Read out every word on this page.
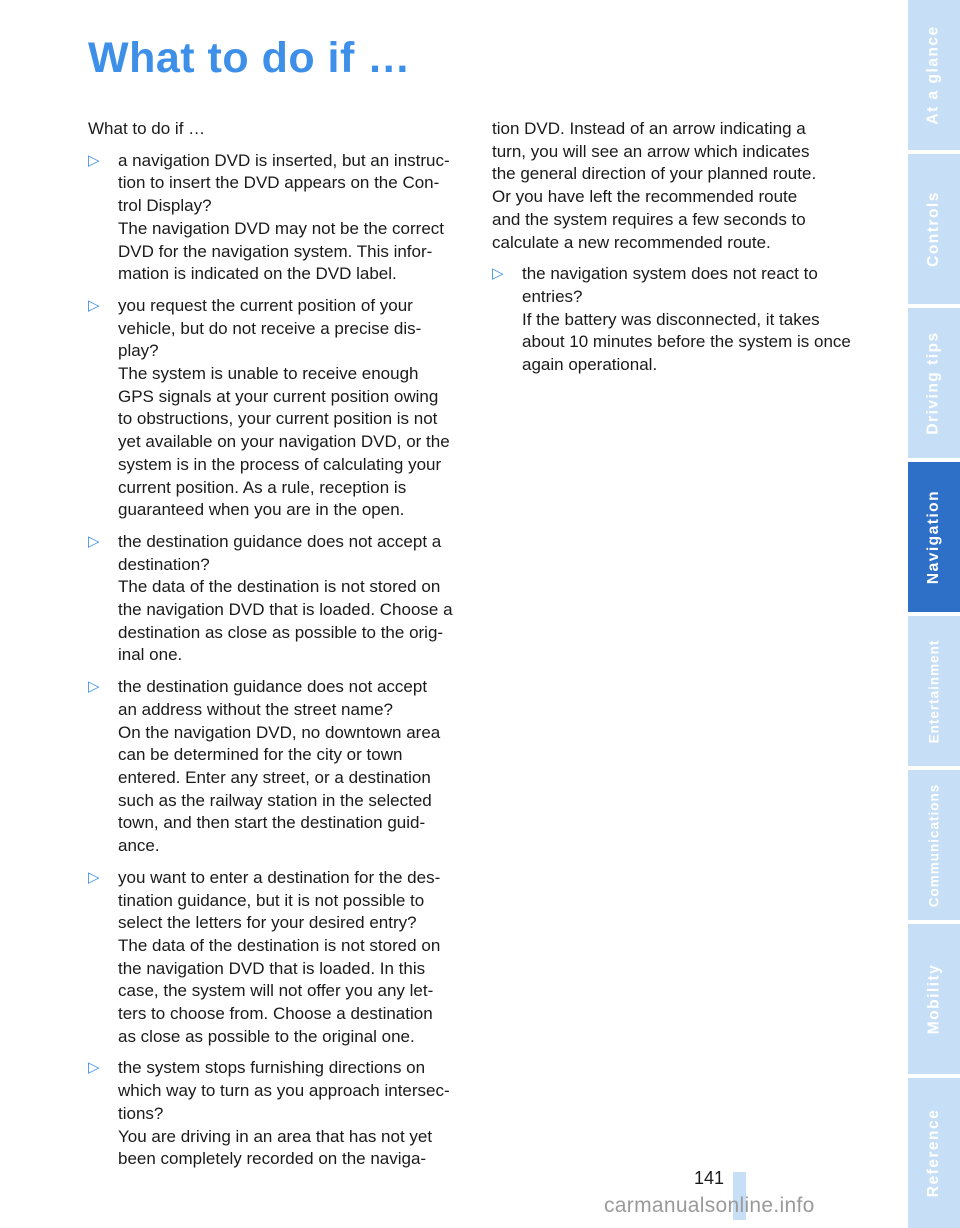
What to do if …

What to do if …

▷ a navigation DVD is inserted, but an instruc-
tion to insert the DVD appears on the Con-
trol Display?
The navigation DVD may not be the correct
DVD for the navigation system. This infor-
mation is indicated on the DVD label.
▷ you request the current position of your
vehicle, but do not receive a precise dis-
play?
The system is unable to receive enough
GPS signals at your current position owing
to obstructions, your current position is not
yet available on your navigation DVD, or the
system is in the process of calculating your
current position. As a rule, reception is
guaranteed when you are in the open.
▷ the destination guidance does not accept a
destination?
The data of the destination is not stored on
the navigation DVD that is loaded. Choose a
destination as close as possible to the orig-
inal one.
▷ the destination guidance does not accept
an address without the street name?
On the navigation DVD, no downtown area
can be determined for the city or town
entered. Enter any street, or a destination
such as the railway station in the selected
town, and then start the destination guid-
ance.
▷ you want to enter a destination for the des-
tination guidance, but it is not possible to
select the letters for your desired entry?
The data of the destination is not stored on
the navigation DVD that is loaded. In this
case, the system will not offer you any let-
ters to choose from. Choose a destination
as close as possible to the original one.
▷ the system stops furnishing directions on
which way to turn as you approach intersec-
tions?
You are driving in an area that has not yet
been completely recorded on the naviga-
tion DVD. Instead of an arrow indicating a
turn, you will see an arrow which indicates
the general direction of your planned route.
Or you have left the recommended route
and the system requires a few seconds to
calculate a new recommended route.
▷ the navigation system does not react to
entries?
If the battery was disconnected, it takes
about 10 minutes before the system is once
again operational.
At a glance
Controls
Driving tips
Navigation
Entertainment
Communications
Mobility
Reference
141
carmanualsonline.info
